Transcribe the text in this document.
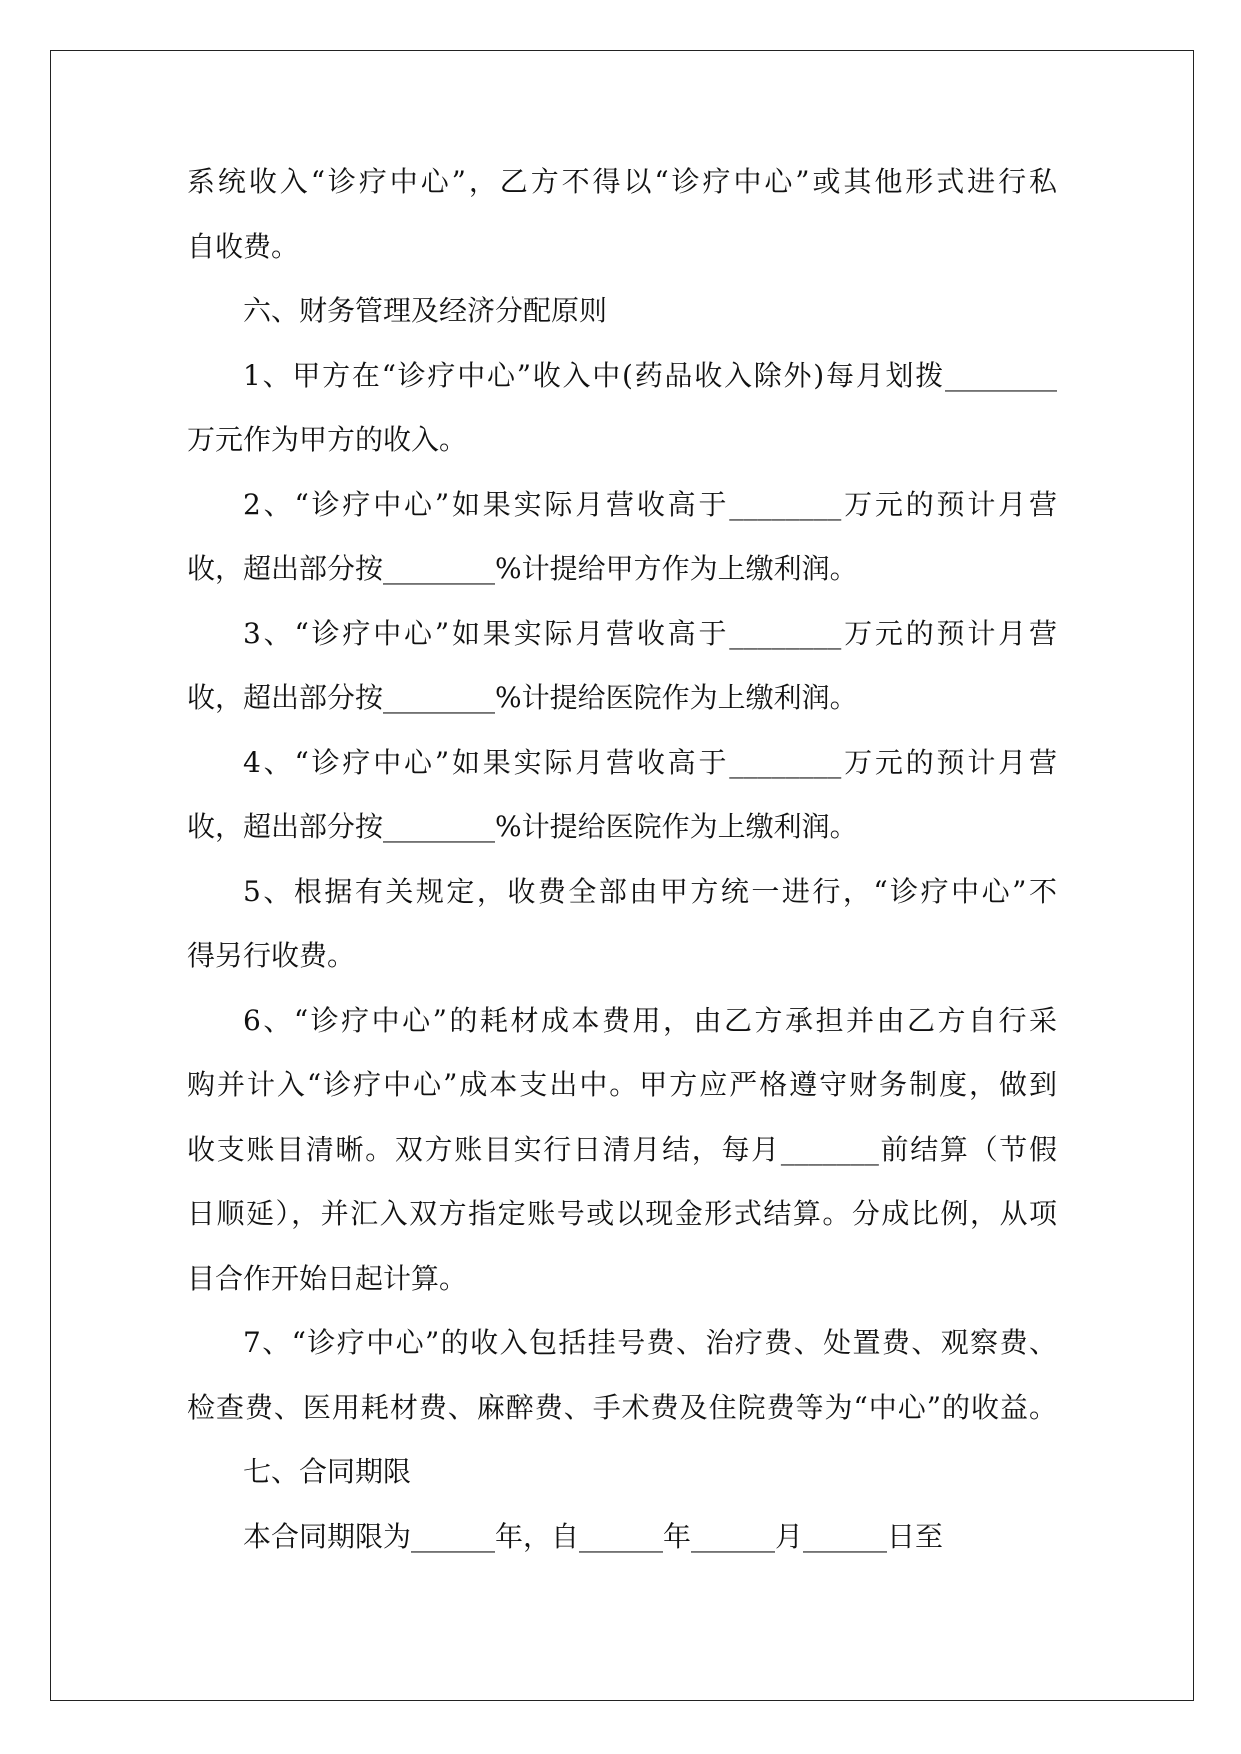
系统收入“诊疗中心”，乙方不得以“诊疗中心”或其他形式进行私
自收费。
六、财务管理及经济分配原则
1、甲方在“诊疗中心”收入中(药品收入除外)每月划拨________
万元作为甲方的收入。
2、“诊疗中心”如果实际月营收高于________万元的预计月营
收，超出部分按________%计提给甲方作为上缴利润。
3、“诊疗中心”如果实际月营收高于________万元的预计月营
收，超出部分按________%计提给医院作为上缴利润。
4、“诊疗中心”如果实际月营收高于________万元的预计月营
收，超出部分按________%计提给医院作为上缴利润。
5、根据有关规定，收费全部由甲方统一进行，“诊疗中心”不
得另行收费。
6、“诊疗中心”的耗材成本费用，由乙方承担并由乙方自行采
购并计入“诊疗中心”成本支出中。甲方应严格遵守财务制度，做到
收支账目清晰。双方账目实行日清月结，每月_______前结算（节假
日顺延），并汇入双方指定账号或以现金形式结算。分成比例，从项
目合作开始日起计算。
7、“诊疗中心”的收入包括挂号费、治疗费、处置费、观察费、
检查费、医用耗材费、麻醉费、手术费及住院费等为“中心”的收益。
七、合同期限
本合同期限为______年，自______年______月______日至
